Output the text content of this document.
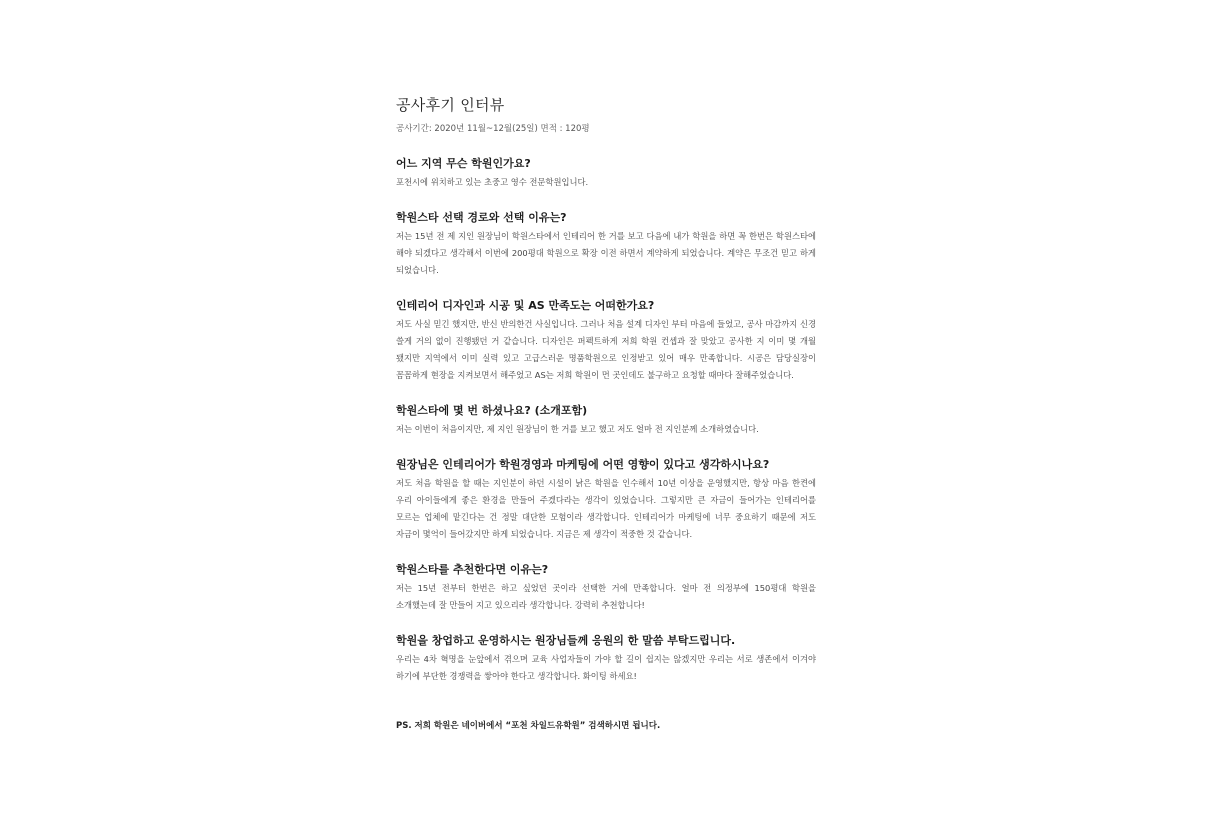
공사후기 인터뷰
공사기간: 2020년 11월~12월(25일) 면적 : 120평
어느 지역 무슨 학원인가요?

포천시에 위치하고 있는 초중고 영수 전문학원입니다.

학원스타 선택 경로와 선택 이유는?

저는 15년 전 제 지인 원장님이 학원스타에서 인테리어 한 거를 보고 다음에 내가 학원을 하면 꼭 한번은 학원스타에 해야 되겠다고 생각해서 이번에 200평대 학원으로 확장 이전 하면서 계약하게 되었습니다. 계약은 무조건 믿고 하게 되었습니다.

인테리어 디자인과 시공 및 AS 만족도는 어떠한가요?

저도 사실 믿긴 했지만, 반신 반의한건 사실입니다. 그러나 처음 설계 디자인 부터 마음에 들었고, 공사 마감까지 신경 쓸게 거의 없이 진행됐던 거 같습니다. 디자인은 퍼펙트하게 저희 학원 컨셉과 잘 맞았고 공사한 지 이미 몇 개월 됐지만 지역에서 이미 실력 있고 고급스러운 명품학원으로 인정받고 있어 매우 만족합니다. 시공은 담당실장이 꼼꼼하게 현장을 지켜보면서 해주었고 AS는 저희 학원이 먼 곳인데도 불구하고 요청할 때마다 잘해주었습니다.

학원스타에 몇 번 하셨나요? (소개포함)

저는 이번이 처음이지만, 제 지인 원장님이 한 거를 보고 했고 저도 얼마 전 지인분께 소개하였습니다.

원장님은 인테리어가 학원경영과 마케팅에 어떤 영향이 있다고 생각하시나요?

저도 처음 학원을 할 때는 지인분이 하던 시설이 낡은 학원을 인수해서 10년 이상을 운영했지만, 항상 마음 한켠에 우리 아이들에게 좋은 환경을 만들어 주겠다라는 생각이 있었습니다. 그렇지만 큰 자금이 들어가는 인테리어를 모르는 업체에 맡긴다는 건 정말 대단한 모험이라 생각합니다. 인테리어가 마케팅에 너무 중요하기 때문에 저도 자금이 몇억이 들어갔지만 하게 되었습니다. 지금은 제 생각이 적중한 것 같습니다.

학원스타를 추천한다면 이유는?

저는 15년 전부터 한번은 하고 싶었던 곳이라 선택한 거에 만족합니다. 얼마 전 의정부에 150평대 학원을 소개했는데 잘 만들어 지고 있으리라 생각합니다. 강력히 추천합니다!

학원을 창업하고 운영하시는 원장님들께 응원의 한 말씀 부탁드립니다.

우리는 4차 혁명을 눈앞에서 겪으며 교육 사업자들이 가야 할 길이 쉽지는 않겠지만 우리는 서로 생존에서 이겨야 하기에 부단한 경쟁력을 쌓아야 한다고 생각합니다. 화이팅 하세요!

PS. 저희 학원은 네이버에서 “포천 차일드유학원” 검색하시면 됩니다.
